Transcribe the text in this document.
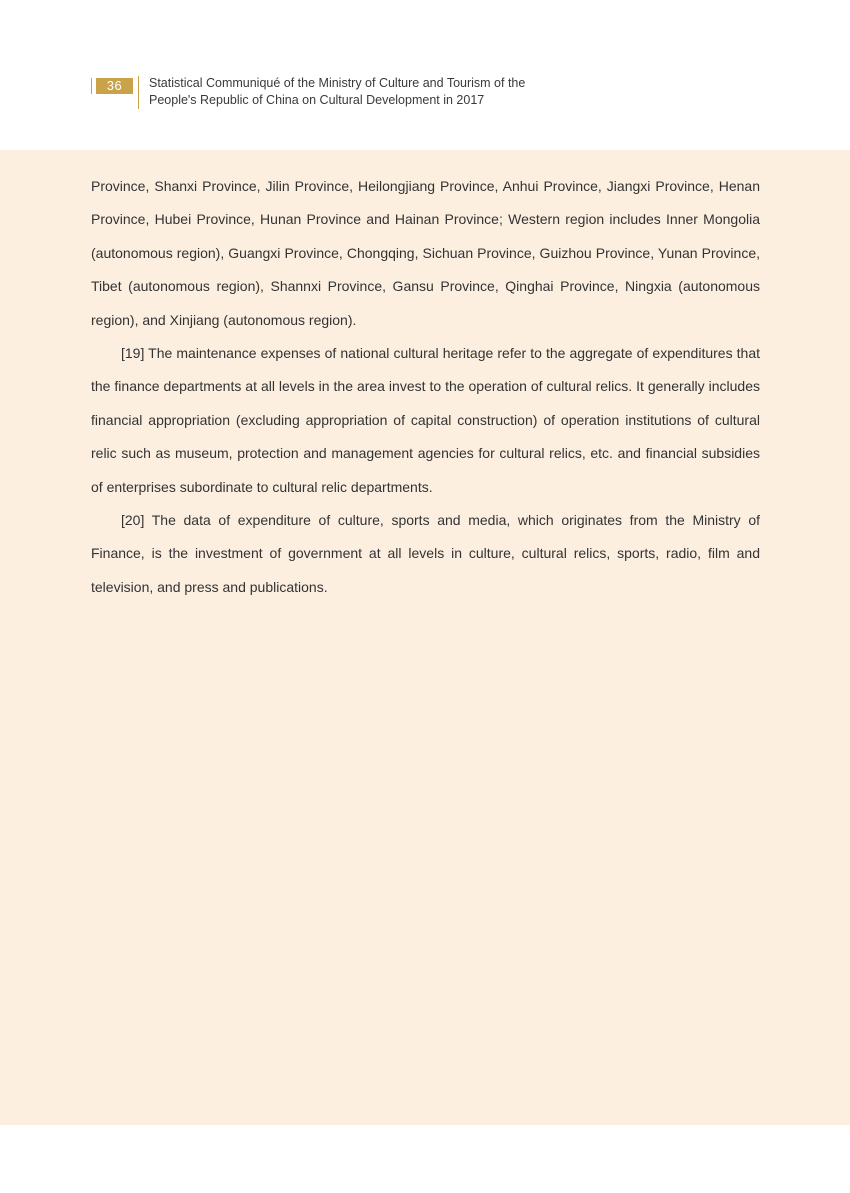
36	Statistical Communiqué of the Ministry of Culture and Tourism of the
People's Republic of China on Cultural Development in 2017

Province, Shanxi Province, Jilin Province, Heilongjiang Province, Anhui Province, Jiangxi Province, Henan Province, Hubei Province, Hunan Province and Hainan Province; Western region includes Inner Mongolia (autonomous region), Guangxi Province, Chongqing, Sichuan Province, Guizhou Province, Yunan Province, Tibet (autonomous region), Shannxi Province, Gansu Province, Qinghai Province, Ningxia (autonomous region), and Xinjiang (autonomous region).

[19] The maintenance expenses of national cultural heritage refer to the aggregate of expenditures that the finance departments at all levels in the area invest to the operation of cultural relics. It generally includes financial appropriation (excluding appropriation of capital construction) of operation institutions of cultural relic such as museum, protection and management agencies for cultural relics, etc. and financial subsidies of enterprises subordinate to cultural relic departments.

[20] The data of expenditure of culture, sports and media, which originates from the Ministry of Finance, is the investment of government at all levels in culture, cultural relics, sports, radio, film and television, and press and publications.
